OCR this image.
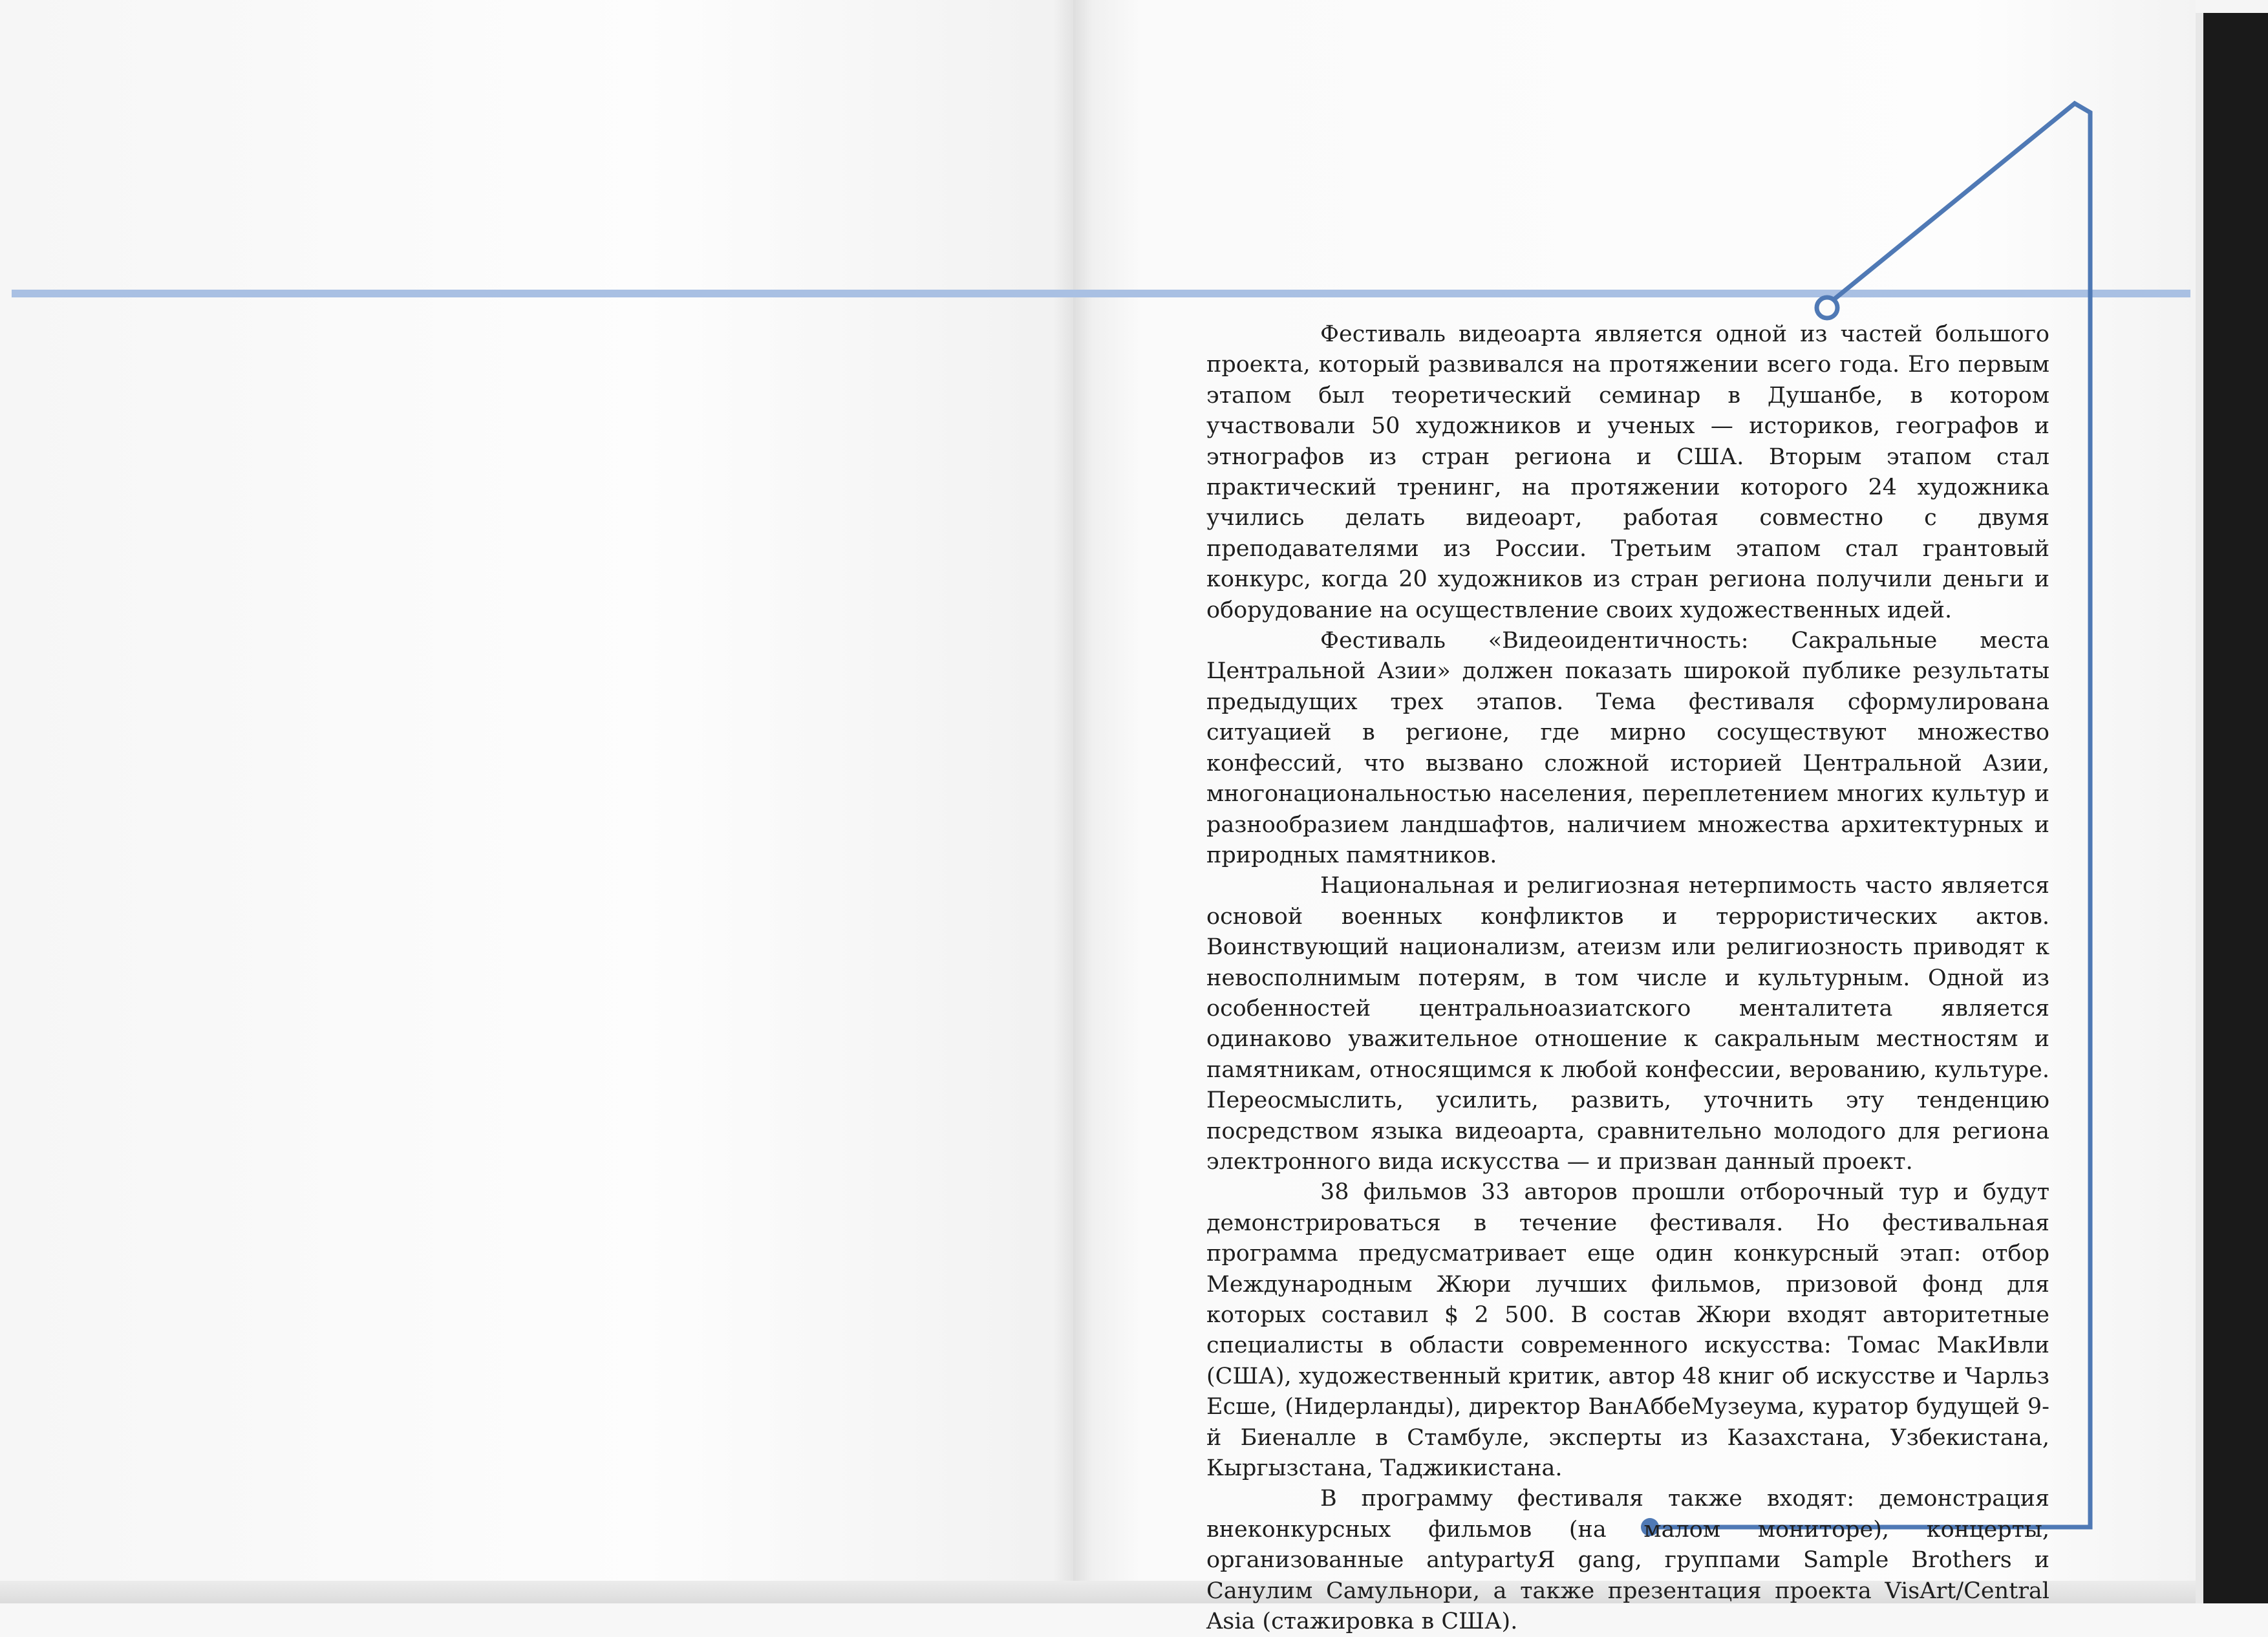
Фестиваль видеоарта является одной из частей большого проекта, который развивался на протяжении всего года. Его первым этапом был теоретический семинар в Душанбе, в котором участвовали 50 художников и ученых — историков, географов и этнографов из стран региона и США. Вторым этапом стал практический тренинг, на протяжении которого 24 художника учились делать видеоарт, работая совместно с двумя преподавателями из России. Третьим этапом стал грантовый конкурс, когда 20 художников из стран региона получили деньги и оборудование на осуществление своих художественных идей.

Фестиваль «Видеоидентичность: Сакральные места Центральной Азии» должен показать широкой публике результаты предыдущих трех этапов. Тема фестиваля сформулирована ситуацией в регионе, где мирно сосуществуют множество конфессий, что вызвано сложной историей Центральной Азии, многонациональностью населения, переплетением многих культур и разнообразием ландшафтов, наличием множества архитектурных и природных памятников.

Национальная и религиозная нетерпимость часто является основой военных конфликтов и террористических актов. Воинствующий национализм, атеизм или религиозность приводят к невосполнимым потерям, в том числе и культурным. Одной из особенностей центральноазиатского менталитета является одинаково уважительное отношение к сакральным местностям и памятникам, относящимся к любой конфессии, верованию, культуре. Переосмыслить, усилить, развить, уточнить эту тенденцию посредством языка видеоарта, сравнительно молодого для региона электронного вида искусства — и призван данный проект.

38 фильмов 33 авторов прошли отборочный тур и будут демонстрироваться в течение фестиваля. Но фестивальная программа предусматривает еще один конкурсный этап: отбор Международным Жюри лучших фильмов, призовой фонд для которых составил $ 2 500. В состав Жюри входят авторитетные специалисты в области современного искусства: Томас МакИвли (США), художественный критик, автор 48 книг об искусстве и Чарльз Есше, (Нидерланды), директор ВанАббеМузеума, куратор будущей 9-й Биеналле в Стамбуле, эксперты из Казахстана, Узбекистана, Кыргызстана, Таджикистана.

В программу фестиваля также входят: демонстрация внеконкурсных фильмов (на малом мониторе), концерты, организованные antypartyЯ gang, группами Sample Brothers и Санулим Самульнори, а также презентация проекта VisArt/Central Asia (стажировка в США).
